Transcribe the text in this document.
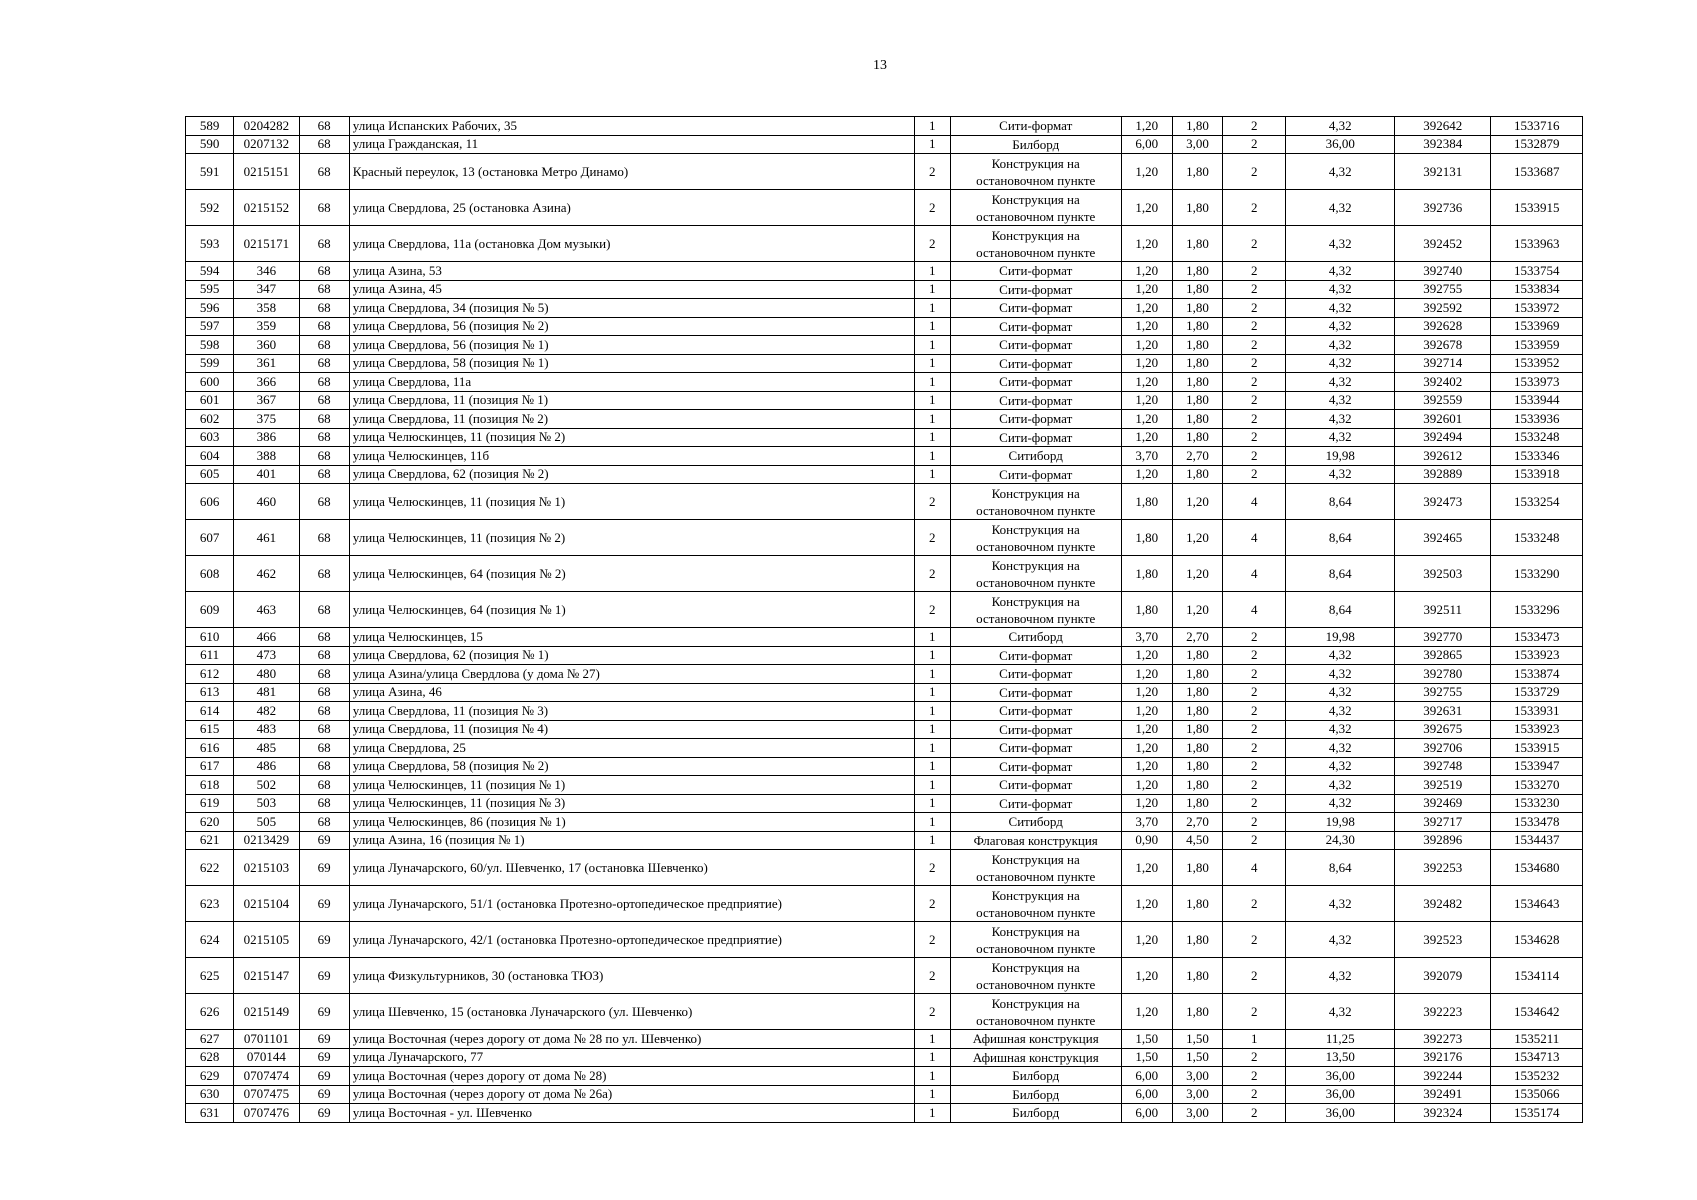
13
589	0204282	68	улица Испанских Рабочих, 35	1	Сити-формат	1,20	1,80	2	4,32	392642	1533716
590	0207132	68	улица Гражданская, 11	1	Билборд	6,00	3,00	2	36,00	392384	1532879
591	0215151	68	Красный переулок, 13 (остановка Метро Динамо)	2	Конструкция на остановочном пункте	1,20	1,80	2	4,32	392131	1533687
592	0215152	68	улица Свердлова, 25 (остановка Азина)	2	Конструкция на остановочном пункте	1,20	1,80	2	4,32	392736	1533915
593	0215171	68	улица Свердлова, 11а (остановка Дом музыки)	2	Конструкция на остановочном пункте	1,20	1,80	2	4,32	392452	1533963
594	346	68	улица Азина, 53	1	Сити-формат	1,20	1,80	2	4,32	392740	1533754
595	347	68	улица Азина, 45	1	Сити-формат	1,20	1,80	2	4,32	392755	1533834
596	358	68	улица Свердлова, 34 (позиция № 5)	1	Сити-формат	1,20	1,80	2	4,32	392592	1533972
597	359	68	улица Свердлова, 56 (позиция № 2)	1	Сити-формат	1,20	1,80	2	4,32	392628	1533969
598	360	68	улица Свердлова, 56 (позиция № 1)	1	Сити-формат	1,20	1,80	2	4,32	392678	1533959
599	361	68	улица Свердлова, 58 (позиция № 1)	1	Сити-формат	1,20	1,80	2	4,32	392714	1533952
600	366	68	улица Свердлова, 11а	1	Сити-формат	1,20	1,80	2	4,32	392402	1533973
601	367	68	улица Свердлова, 11 (позиция № 1)	1	Сити-формат	1,20	1,80	2	4,32	392559	1533944
602	375	68	улица Свердлова, 11 (позиция № 2)	1	Сити-формат	1,20	1,80	2	4,32	392601	1533936
603	386	68	улица Челюскинцев, 11 (позиция № 2)	1	Сити-формат	1,20	1,80	2	4,32	392494	1533248
604	388	68	улица Челюскинцев, 11б	1	Ситиборд	3,70	2,70	2	19,98	392612	1533346
605	401	68	улица Свердлова, 62 (позиция № 2)	1	Сити-формат	1,20	1,80	2	4,32	392889	1533918
606	460	68	улица Челюскинцев, 11 (позиция № 1)	2	Конструкция на остановочном пункте	1,80	1,20	4	8,64	392473	1533254
607	461	68	улица Челюскинцев, 11 (позиция № 2)	2	Конструкция на остановочном пункте	1,80	1,20	4	8,64	392465	1533248
608	462	68	улица Челюскинцев, 64 (позиция № 2)	2	Конструкция на остановочном пункте	1,80	1,20	4	8,64	392503	1533290
609	463	68	улица Челюскинцев, 64 (позиция № 1)	2	Конструкция на остановочном пункте	1,80	1,20	4	8,64	392511	1533296
610	466	68	улица Челюскинцев, 15	1	Ситиборд	3,70	2,70	2	19,98	392770	1533473
611	473	68	улица Свердлова, 62 (позиция № 1)	1	Сити-формат	1,20	1,80	2	4,32	392865	1533923
612	480	68	улица Азина/улица Свердлова (у дома № 27)	1	Сити-формат	1,20	1,80	2	4,32	392780	1533874
613	481	68	улица Азина, 46	1	Сити-формат	1,20	1,80	2	4,32	392755	1533729
614	482	68	улица Свердлова, 11 (позиция № 3)	1	Сити-формат	1,20	1,80	2	4,32	392631	1533931
615	483	68	улица Свердлова, 11 (позиция № 4)	1	Сити-формат	1,20	1,80	2	4,32	392675	1533923
616	485	68	улица Свердлова, 25	1	Сити-формат	1,20	1,80	2	4,32	392706	1533915
617	486	68	улица Свердлова, 58 (позиция № 2)	1	Сити-формат	1,20	1,80	2	4,32	392748	1533947
618	502	68	улица Челюскинцев, 11 (позиция № 1)	1	Сити-формат	1,20	1,80	2	4,32	392519	1533270
619	503	68	улица Челюскинцев, 11 (позиция № 3)	1	Сити-формат	1,20	1,80	2	4,32	392469	1533230
620	505	68	улица Челюскинцев, 86 (позиция № 1)	1	Ситиборд	3,70	2,70	2	19,98	392717	1533478
621	0213429	69	улица Азина, 16 (позиция № 1)	1	Флаговая конструкция	0,90	4,50	2	24,30	392896	1534437
622	0215103	69	улица Луначарского, 60/ул. Шевченко, 17 (остановка Шевченко)	2	Конструкция на остановочном пункте	1,20	1,80	4	8,64	392253	1534680
623	0215104	69	улица Луначарского, 51/1 (остановка Протезно-ортопедическое предприятие)	2	Конструкция на остановочном пункте	1,20	1,80	2	4,32	392482	1534643
624	0215105	69	улица Луначарского, 42/1 (остановка Протезно-ортопедическое предприятие)	2	Конструкция на остановочном пункте	1,20	1,80	2	4,32	392523	1534628
625	0215147	69	улица Физкультурников, 30 (остановка ТЮЗ)	2	Конструкция на остановочном пункте	1,20	1,80	2	4,32	392079	1534114
626	0215149	69	улица Шевченко, 15 (остановка Луначарского (ул. Шевченко)	2	Конструкция на остановочном пункте	1,20	1,80	2	4,32	392223	1534642
627	0701101	69	улица Восточная (через дорогу от дома № 28 по ул. Шевченко)	1	Афишная конструкция	1,50	1,50	1	11,25	392273	1535211
628	070144	69	улица Луначарского, 77	1	Афишная конструкция	1,50	1,50	2	13,50	392176	1534713
629	0707474	69	улица Восточная (через дорогу от дома № 28)	1	Билборд	6,00	3,00	2	36,00	392244	1535232
630	0707475	69	улица Восточная (через дорогу от дома № 26а)	1	Билборд	6,00	3,00	2	36,00	392491	1535066
631	0707476	69	улица Восточная - ул. Шевченко	1	Билборд	6,00	3,00	2	36,00	392324	1535174
